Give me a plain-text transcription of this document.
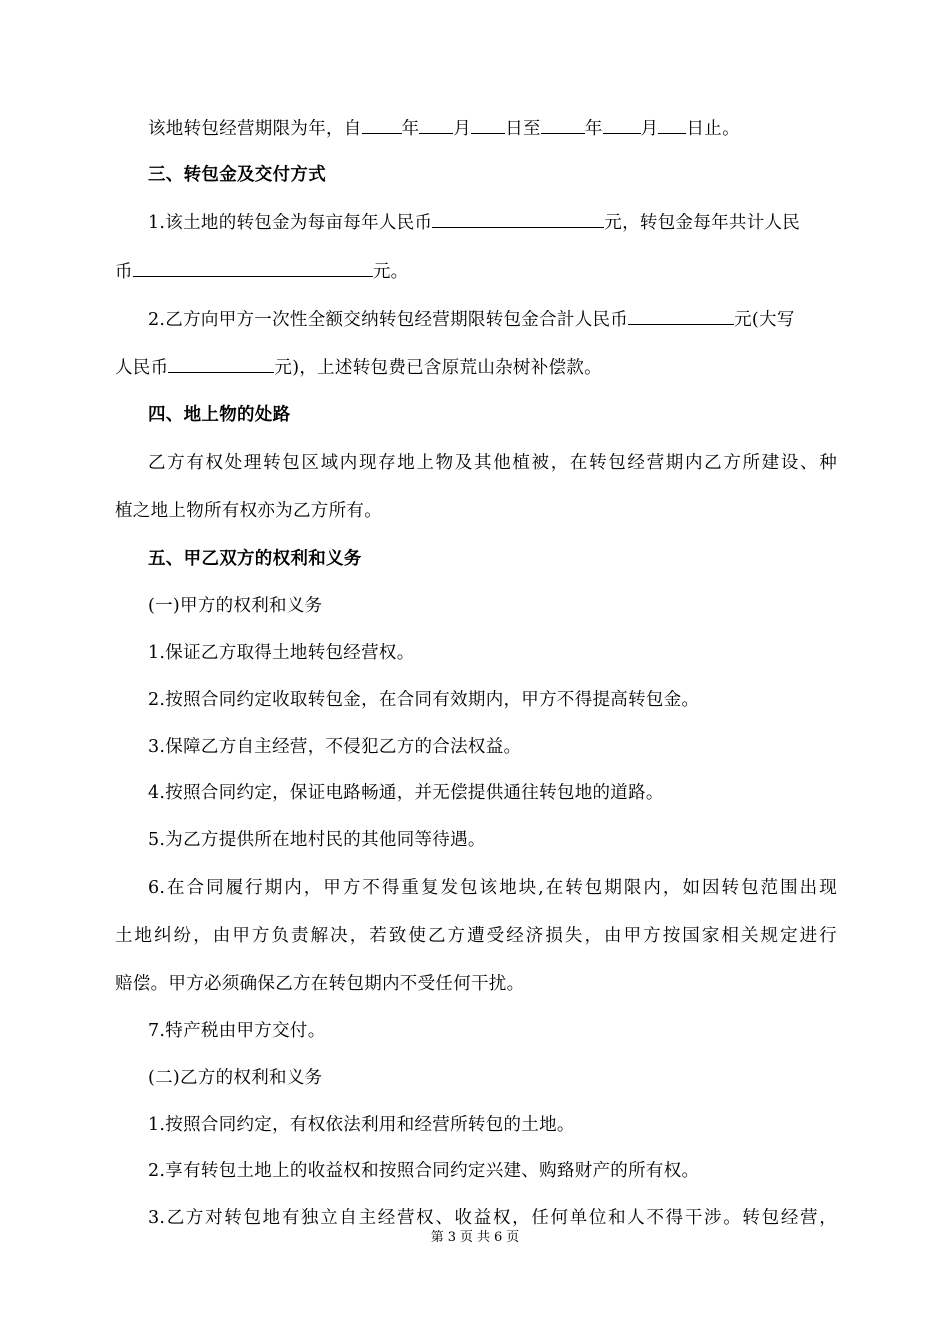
该地转包经营期限为年，自 年 月 日至	年 月 日止。
三、转包金及交付方式
1.该土地的转包金为每亩每年人民币	元，转包金每年共计人民
币	元。
2.乙方向甲方一次性全额交纳转包经营期限转包金合計人民币	元(大写
人民币	元)，上述转包费已含原荒山杂树补偿款。
四、地上物的处路
乙方有权处理转包区域内现存地上物及其他植被，在转包经营期内乙方所建设、种
植之地上物所有权亦为乙方所有。
五、甲乙双方的权利和义务
(一)甲方的权利和义务
1.保证乙方取得土地转包经营权。
2.按照合同约定收取转包金，在合同有效期内，甲方不得提高转包金。
3.保障乙方自主经营，不侵犯乙方的合法权益。
4.按照合同约定，保证电路畅通，并无偿提供通往转包地的道路。
5.为乙方提供所在地村民的其他同等待遇。
6.在合同履行期内，甲方不得重复发包该地块,在转包期限内，如因转包范围出现
土地纠纷，由甲方负责解决，若致使乙方遭受经济损失，由甲方按国家相关规定进行
赔偿。甲方必须确保乙方在转包期内不受任何干扰。
7.特产税由甲方交付。
(二)乙方的权利和义务
1.按照合同约定，有权依法利用和经营所转包的土地。
2.享有转包土地上的收益权和按照合同约定兴建、购臵财产的所有权。
3.乙方对转包地有独立自主经营权、收益权，任何单位和人不得干涉。转包经营，
第 3 页 共 6 页
